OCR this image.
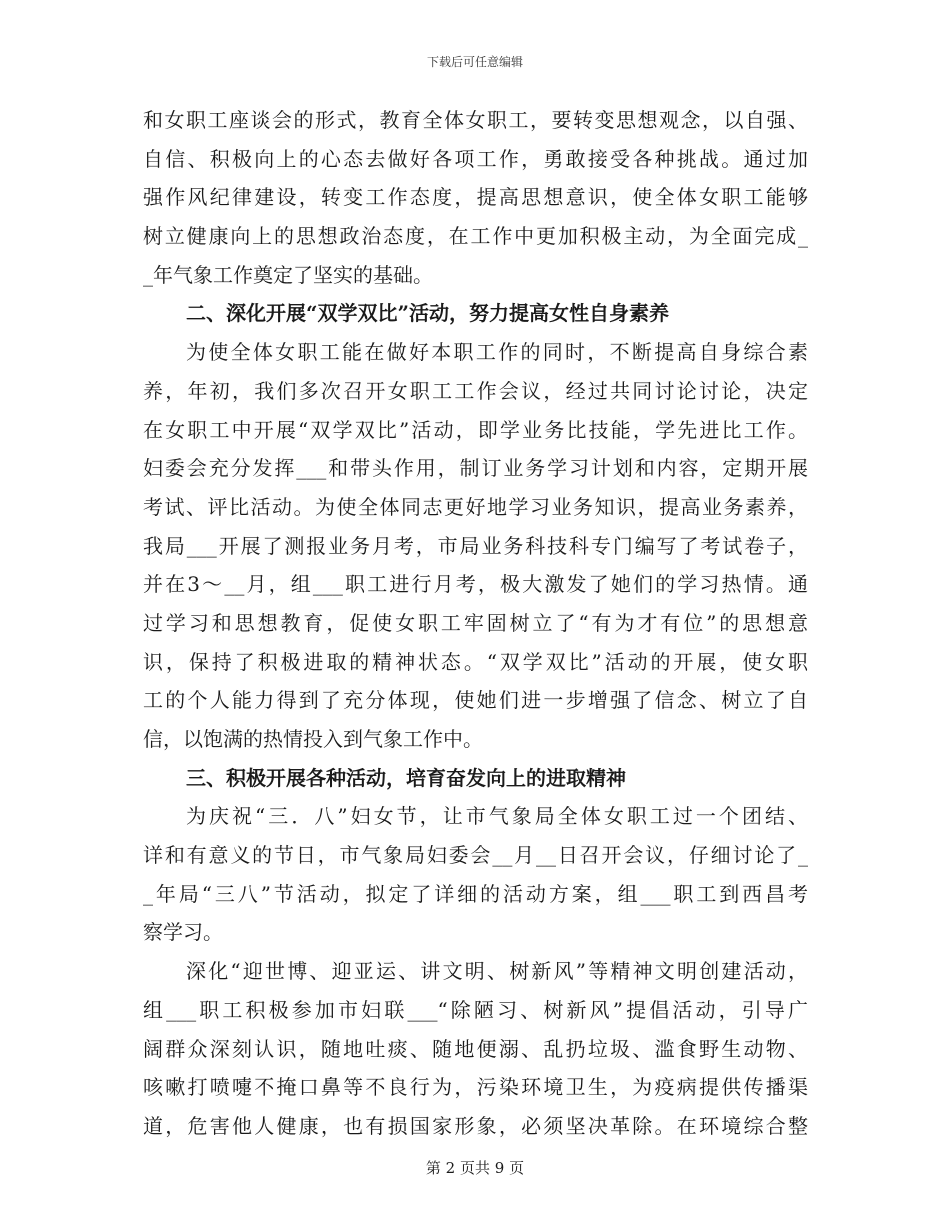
下载后可任意编辑
和女职工座谈会的形式，教育全体女职工，要转变思想观念，以自强、
自信、积极向上的心态去做好各项工作，勇敢接受各种挑战。通过加
强作风纪律建设，转变工作态度，提高思想意识，使全体女职工能够
树立健康向上的思想政治态度，在工作中更加积极主动，为全面完成_
_年气象工作奠定了坚实的基础。
二、深化开展“双学双比”活动，努力提高女性自身素养
为使全体女职工能在做好本职工作的同时，不断提高自身综合素
养，年初，我们多次召开女职工工作会议，经过共同讨论讨论，决定
在女职工中开展“双学双比”活动，即学业务比技能，学先进比工作。
妇委会充分发挥___和带头作用，制订业务学习计划和内容，定期开展
考试、评比活动。为使全体同志更好地学习业务知识，提高业务素养，
我局___开展了测报业务月考，市局业务科技科专门编写了考试卷子，
并在3～__月，组___职工进行月考，极大激发了她们的学习热情。通
过学习和思想教育，促使女职工牢固树立了“有为才有位”的思想意
识，保持了积极进取的精神状态。“双学双比”活动的开展，使女职
工的个人能力得到了充分体现，使她们进一步增强了信念、树立了自
信，以饱满的热情投入到气象工作中。
三、积极开展各种活动，培育奋发向上的进取精神
为庆祝“三．八”妇女节，让市气象局全体女职工过一个团结、
详和有意义的节日，市气象局妇委会__月__日召开会议，仔细讨论了_
_年局“三八”节活动，拟定了详细的活动方案，组___职工到西昌考
察学习。
深化“迎世博、迎亚运、讲文明、树新风”等精神文明创建活动，
组___职工积极参加市妇联___“除陋习、树新风”提倡活动，引导广
阔群众深刻认识，随地吐痰、随地便溺、乱扔垃圾、滥食野生动物、
咳嗽打喷嚏不掩口鼻等不良行为，污染环境卫生，为疫病提供传播渠
道，危害他人健康，也有损国家形象，必须坚决革除。在环境综合整
第 2 页共 9 页
